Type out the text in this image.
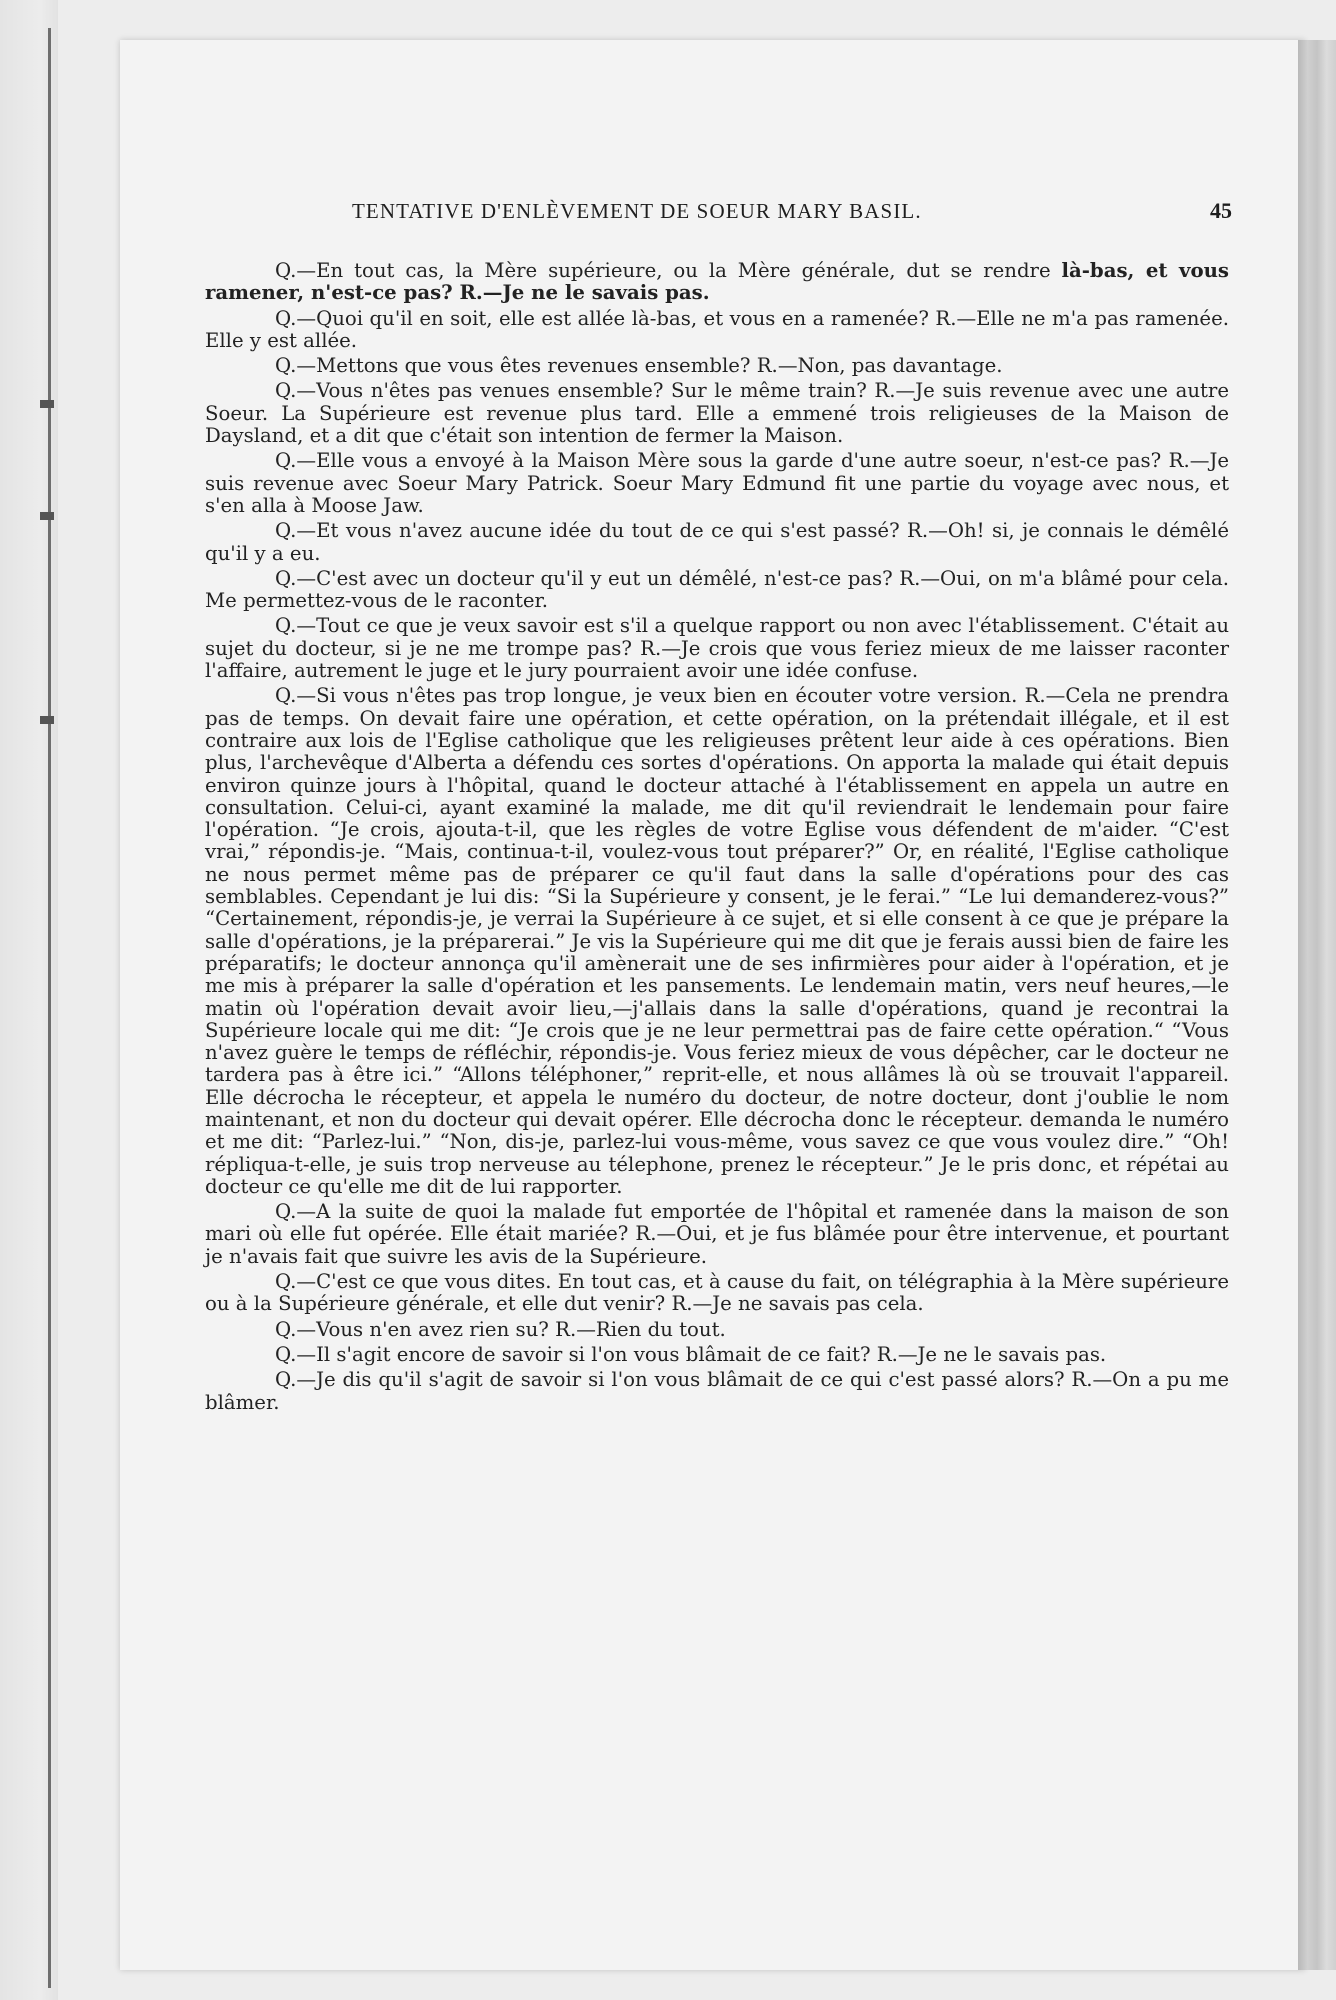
TENTATIVE D'ENLÈVEMENT DE SOEUR MARY BASIL.	45

Q.—En tout cas, la Mère supérieure, ou la Mère générale, dut se rendre là-bas, et vous ramener, n'est-ce pas? R.—Je ne le savais pas.

Q.—Quoi qu'il en soit, elle est allée là-bas, et vous en a ramenée? R.—Elle ne m'a pas ramenée. Elle y est allée.

Q.—Mettons que vous êtes revenues ensemble? R.—Non, pas davantage.

Q.—Vous n'êtes pas venues ensemble? Sur le même train? R.—Je suis revenue avec une autre Soeur. La Supérieure est revenue plus tard. Elle a emmené trois religieuses de la Maison de Daysland, et a dit que c'était son intention de fermer la Maison.

Q.—Elle vous a envoyé à la Maison Mère sous la garde d'une autre soeur, n'est-ce pas? R.—Je suis revenue avec Soeur Mary Patrick. Soeur Mary Edmund fit une partie du voyage avec nous, et s'en alla à Moose Jaw.

Q.—Et vous n'avez aucune idée du tout de ce qui s'est passé? R.—Oh! si, je connais le démêlé qu'il y a eu.

Q.—C'est avec un docteur qu'il y eut un démêlé, n'est-ce pas? R.—Oui, on m'a blâmé pour cela. Me permettez-vous de le raconter.

Q.—Tout ce que je veux savoir est s'il a quelque rapport ou non avec l'établissement. C'était au sujet du docteur, si je ne me trompe pas? R.—Je crois que vous feriez mieux de me laisser raconter l'affaire, autrement le juge et le jury pourraient avoir une idée confuse.

Q.—Si vous n'êtes pas trop longue, je veux bien en écouter votre version. R.—Cela ne prendra pas de temps. On devait faire une opération, et cette opération, on la prétendait illégale, et il est contraire aux lois de l'Eglise catholique que les religieuses prêtent leur aide à ces opérations. Bien plus, l'archevêque d'Alberta a défendu ces sortes d'opérations. On apporta la malade qui était depuis environ quinze jours à l'hôpital, quand le docteur attaché à l'établissement en appela un autre en consultation. Celui-ci, ayant examiné la malade, me dit qu'il reviendrait le lendemain pour faire l'opération. “Je crois, ajouta-t-il, que les règles de votre Eglise vous défendent de m'aider. “C'est vrai,” répondis-je. “Mais, continua-t-il, voulez-vous tout préparer?” Or, en réalité, l'Eglise catholique ne nous permet même pas de préparer ce qu'il faut dans la salle d'opérations pour des cas semblables. Cependant je lui dis: “Si la Supérieure y consent, je le ferai.” “Le lui demanderez-vous?” “Certainement, répondis-je, je verrai la Supérieure à ce sujet, et si elle consent à ce que je prépare la salle d'opérations, je la préparerai.” Je vis la Supérieure qui me dit que je ferais aussi bien de faire les préparatifs; le docteur annonça qu'il amènerait une de ses infirmières pour aider à l'opération, et je me mis à préparer la salle d'opération et les pansements. Le lendemain matin, vers neuf heures,—le matin où l'opération devait avoir lieu,—j'allais dans la salle d'opérations, quand je recontrai la Supérieure locale qui me dit: “Je crois que je ne leur permettrai pas de faire cette opération.“ “Vous n'avez guère le temps de réfléchir, répondis-je. Vous feriez mieux de vous dépêcher, car le docteur ne tardera pas à être ici.” “Allons téléphoner,” reprit-elle, et nous allâmes là où se trouvait l'appareil. Elle décrocha le récepteur, et appela le numéro du docteur, de notre docteur, dont j'oublie le nom maintenant, et non du docteur qui devait opérer. Elle décrocha donc le récepteur. demanda le numéro et me dit: “Parlez-lui.” “Non, dis-je, parlez-lui vous-même, vous savez ce que vous voulez dire.” “Oh! répliqua-t-elle, je suis trop nerveuse au télephone, prenez le récepteur.” Je le pris donc, et répétai au docteur ce qu'elle me dit de lui rapporter.

Q.—A la suite de quoi la malade fut emportée de l'hôpital et ramenée dans la maison de son mari où elle fut opérée. Elle était mariée? R.—Oui, et je fus blâmée pour être intervenue, et pourtant je n'avais fait que suivre les avis de la Supérieure.

Q.—C'est ce que vous dites. En tout cas, et à cause du fait, on télégraphia à la Mère supérieure ou à la Supérieure générale, et elle dut venir? R.—Je ne savais pas cela.

Q.—Vous n'en avez rien su? R.—Rien du tout.

Q.—Il s'agit encore de savoir si l'on vous blâmait de ce fait? R.—Je ne le savais pas.

Q.—Je dis qu'il s'agit de savoir si l'on vous blâmait de ce qui c'est passé alors? R.—On a pu me blâmer.
